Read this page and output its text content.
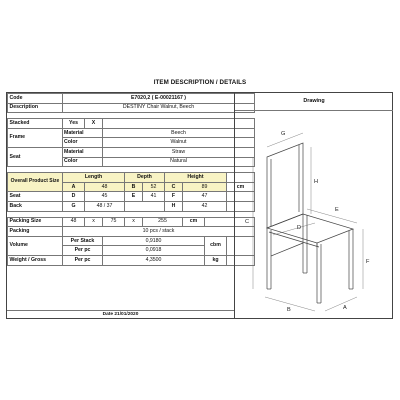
ITEM DESCRIPTION / DETAILS
Code	E7020,2 ( E-00021167 )								
Description	DESTINY Chair Walnut, Beech								

Stacked	Yes	X							
Frame	Material		Beech						
	Color		Walnut						
Seat	Material		Straw						
	Color		Natural						

Overall Product Size	Length			Depth		Height			
	A	48		B	52	C	89		cm
Seat	D	45		E	41	F	47		
Back	G	48 / 37				H	42		

Packing Size	48	x	75	x	255		cm		
Packing	10 pcs / stack								
Volume	Per Stack		0,9180					cbm	
	Per pc		0,0918						
Weight / Gross	Per pc		4,3500					kg	
Date 21/01/2020
Drawing
G
C
H
E
D
F
B	A
